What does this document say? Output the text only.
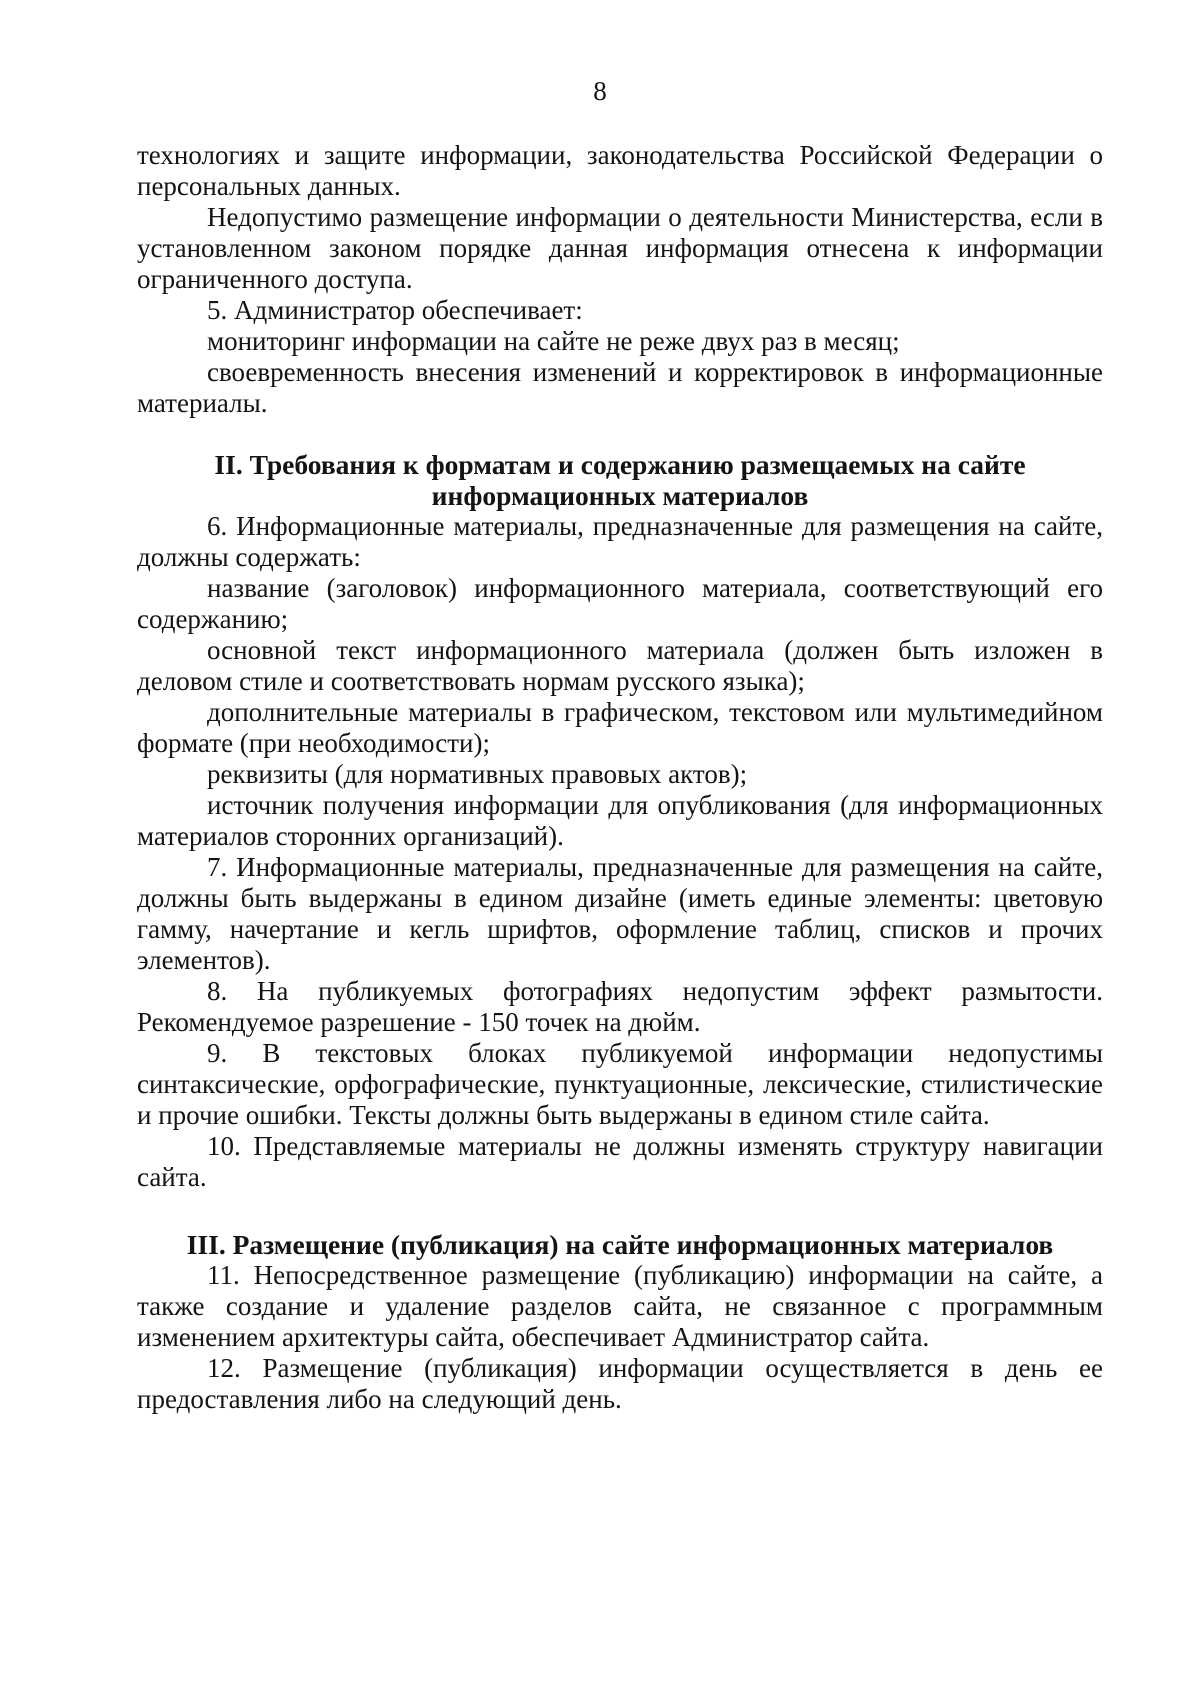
8

технологиях и защите информации, законодательства Российской Федерации о персональных данных.

Недопустимо размещение информации о деятельности Министерства, если в установленном законом порядке данная информация отнесена к информации ограниченного доступа.

5. Администратор обеспечивает:

мониторинг информации на сайте не реже двух раз в месяц;

своевременность внесения изменений и корректировок в информационные материалы.

II. Требования к форматам и содержанию размещаемых на сайте информационных материалов

6. Информационные материалы, предназначенные для размещения на сайте, должны содержать:

название (заголовок) информационного материала, соответствующий его содержанию;

основной текст информационного материала (должен быть изложен в деловом стиле и соответствовать нормам русского языка);

дополнительные материалы в графическом, текстовом или мультимедийном формате (при необходимости);

реквизиты (для нормативных правовых актов);

источник получения информации для опубликования (для информационных материалов сторонних организаций).

7. Информационные материалы, предназначенные для размещения на сайте, должны быть выдержаны в едином дизайне (иметь единые элементы: цветовую гамму, начертание и кегль шрифтов, оформление таблиц, списков и прочих элементов).

8. На публикуемых фотографиях недопустим эффект размытости. Рекомендуемое разрешение - 150 точек на дюйм.

9. В текстовых блоках публикуемой информации недопустимы синтаксические, орфографические, пунктуационные, лексические, стилистические и прочие ошибки. Тексты должны быть выдержаны в едином стиле сайта.

10. Представляемые материалы не должны изменять структуру навигации сайта.

III. Размещение (публикация) на сайте информационных материалов

11. Непосредственное размещение (публикацию) информации на сайте, а также создание и удаление разделов сайта, не связанное с программным изменением архитектуры сайта, обеспечивает Администратор сайта.

12. Размещение (публикация) информации осуществляется в день ее предоставления либо на следующий день.
